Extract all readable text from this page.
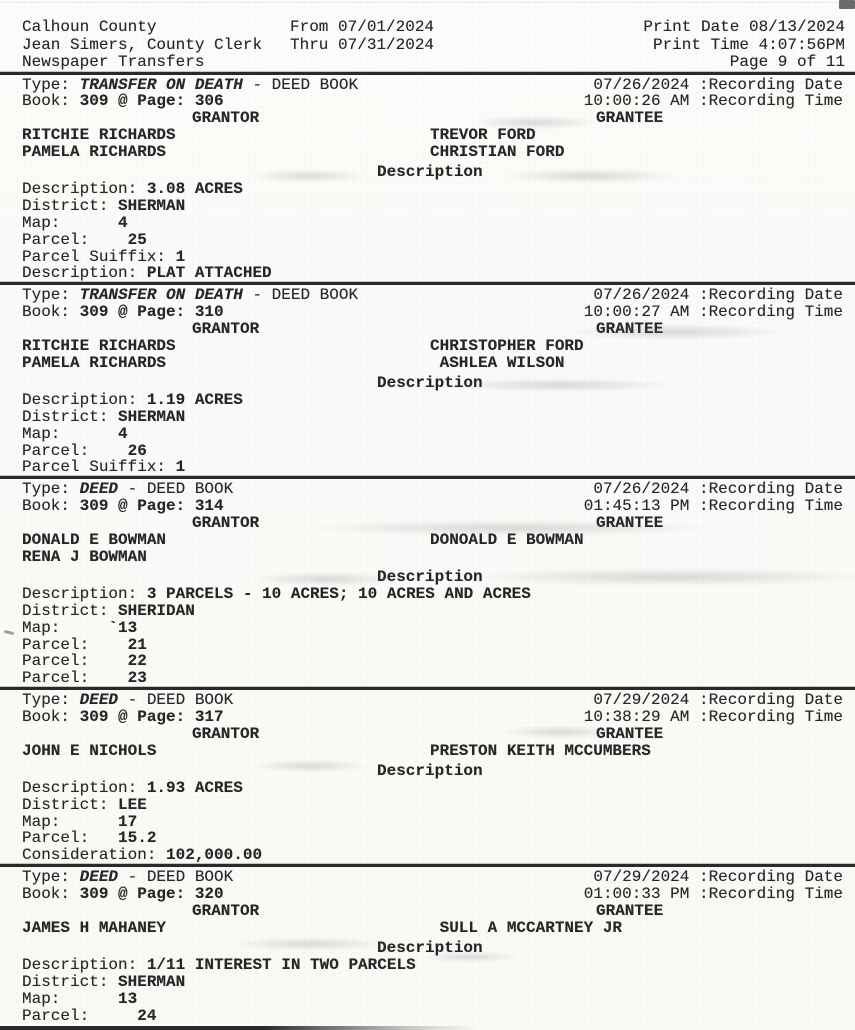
Calhoun County
Jean Simers, County Clerk
Newspaper Transfers
From 07/01/2024
Thru 07/31/2024
Print Date 08/13/2024
Print Time 4:07:56PM
Page 9 of 11
Type: TRANSFER ON DEATH - DEED BOOK	07/26/2024 :Recording Date
Book: 309 @ Page: 306	10:00:26 AM :Recording Time
GRANTOR	GRANTEE
RITCHIE RICHARDS	TREVOR FORD
PAMELA RICHARDS	CHRISTIAN FORD
Description
Description: 3.08 ACRES
District: SHERMAN
Map:      4
Parcel:    25
Parcel Suiffix: 1
Description: PLAT ATTACHED
Type: TRANSFER ON DEATH - DEED BOOK	07/26/2024 :Recording Date
Book: 309 @ Page: 310	10:00:27 AM :Recording Time
GRANTOR	GRANTEE
RITCHIE RICHARDS	CHRISTOPHER FORD
PAMELA RICHARDS	ASHLEA WILSON
Description
Description: 1.19 ACRES
District: SHERMAN
Map:      4
Parcel:    26
Parcel Suiffix: 1
Type: DEED - DEED BOOK	07/26/2024 :Recording Date
Book: 309 @ Page: 314	01:45:13 PM :Recording Time
GRANTOR	GRANTEE
DONALD E BOWMAN	DONOALD E BOWMAN
RENA J BOWMAN
Description
Description: 3 PARCELS - 10 ACRES; 10 ACRES AND ACRES
District: SHERIDAN
Map:     `13
Parcel:    21
Parcel:    22
Parcel:    23
Type: DEED - DEED BOOK	07/29/2024 :Recording Date
Book: 309 @ Page: 317	10:38:29 AM :Recording Time
GRANTOR	GRANTEE
JOHN E NICHOLS	PRESTON KEITH MCCUMBERS
Description
Description: 1.93 ACRES
District: LEE
Map:      17
Parcel:   15.2
Consideration: 102,000.00
Type: DEED - DEED BOOK	07/29/2024 :Recording Date
Book: 309 @ Page: 320	01:00:33 PM :Recording Time
GRANTOR	GRANTEE
JAMES H MAHANEY	SULL A MCCARTNEY JR
Description
Description: 1/11 INTEREST IN TWO PARCELS
District: SHERMAN
Map:      13
Parcel:     24
